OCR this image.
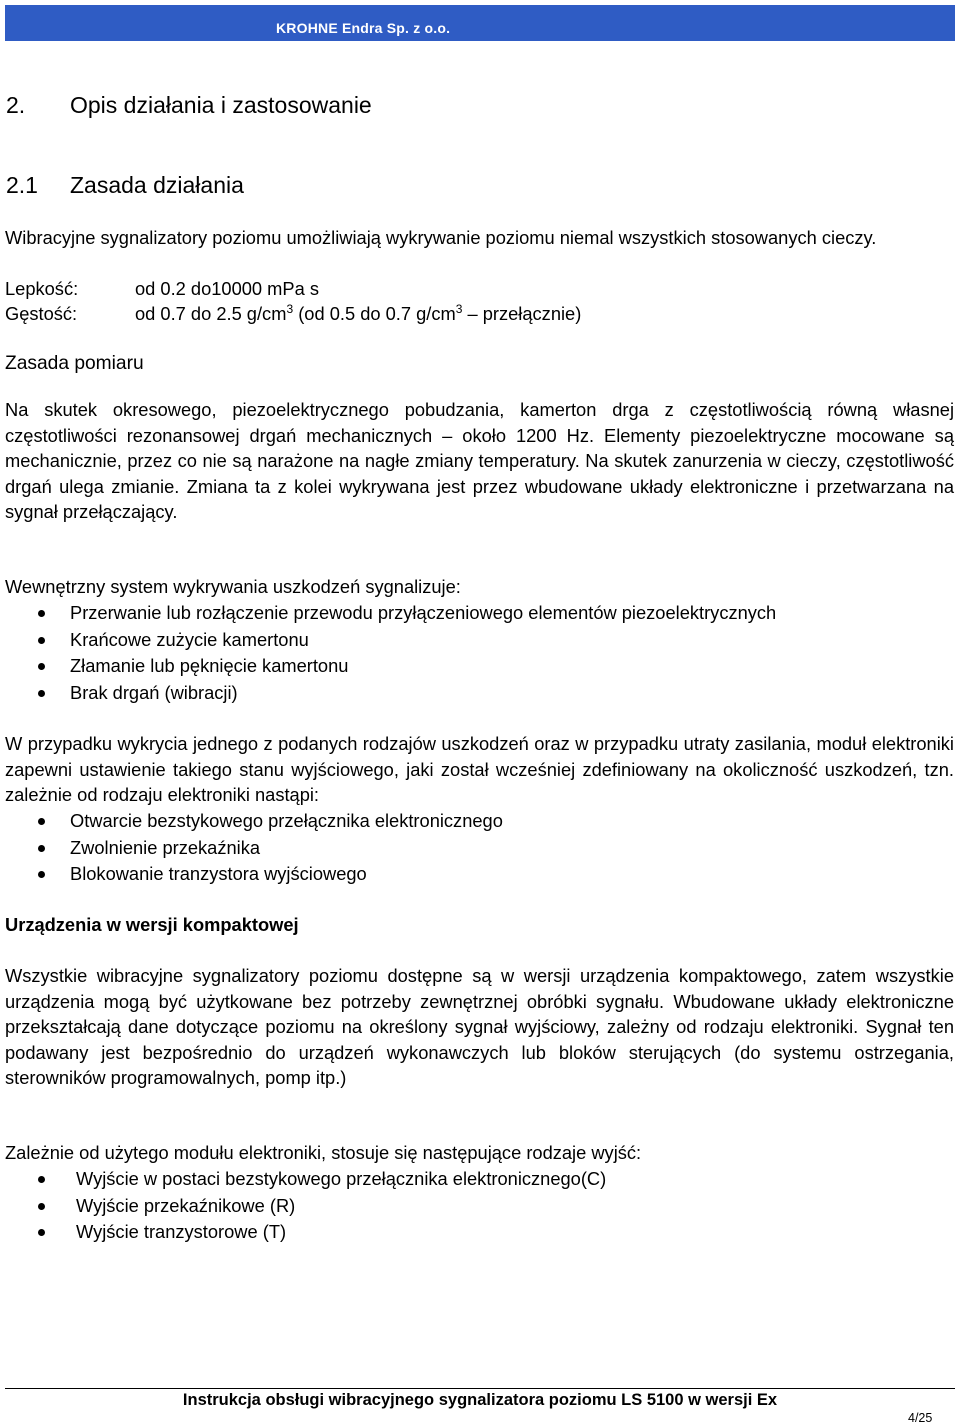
KROHNE Endra Sp. z o.o.
2. Opis działania i zastosowanie
2.1 Zasada działania
Wibracyjne sygnalizatory poziomu umożliwiają wykrywanie poziomu niemal wszystkich stosowanych cieczy.
Lepkość:	od 0.2 do10000 mPa s
Gęstość:	od 0.7 do 2.5 $g/cm^3$ (od 0.5 do 0.7 $g/cm^3$ – przełącznie)
Zasada pomiaru
Na skutek okresowego, piezoelektrycznego pobudzania, kamerton drga z częstotliwością równą własnej częstotliwości rezonansowej drgań mechanicznych – około 1200 Hz. Elementy piezoelektryczne mocowane są mechanicznie, przez co nie są narażone na nagłe zmiany temperatury. Na skutek zanurzenia w cieczy, częstotliwość drgań ulega zmianie. Zmiana ta z kolei wykrywana jest przez wbudowane układy elektroniczne i przetwarzana na sygnał przełączający.
Wewnętrzny system wykrywania uszkodzeń sygnalizuje:
Przerwanie lub rozłączenie przewodu przyłączeniowego elementów piezoelektrycznych
Krańcowe zużycie kamertonu
Złamanie lub pęknięcie kamertonu
Brak drgań (wibracji)
W przypadku wykrycia jednego z podanych rodzajów uszkodzeń oraz w przypadku utraty zasilania, moduł elektroniki zapewni ustawienie takiego stanu wyjściowego, jaki został wcześniej zdefiniowany na okoliczność uszkodzeń, tzn. zależnie od rodzaju elektroniki nastąpi:
Otwarcie bezstykowego przełącznika elektronicznego
Zwolnienie przekaźnika
Blokowanie tranzystora wyjściowego
Urządzenia w wersji kompaktowej
Wszystkie wibracyjne sygnalizatory poziomu dostępne są w wersji urządzenia kompaktowego, zatem wszystkie urządzenia mogą być użytkowane bez potrzeby zewnętrznej obróbki sygnału. Wbudowane układy elektroniczne przekształcają dane dotyczące poziomu na określony sygnał wyjściowy, zależny od rodzaju elektroniki. Sygnał ten podawany jest bezpośrednio do urządzeń wykonawczych lub bloków sterujących (do systemu ostrzegania, sterowników programowalnych, pomp itp.)
Zależnie od użytego modułu elektroniki, stosuje się następujące rodzaje wyjść:
Wyjście w postaci bezstykowego przełącznika elektronicznego(C)
Wyjście przekaźnikowe (R)
Wyjście tranzystorowe (T)
Instrukcja obsługi wibracyjnego sygnalizatora poziomu LS 5100 w wersji Ex
4/25
